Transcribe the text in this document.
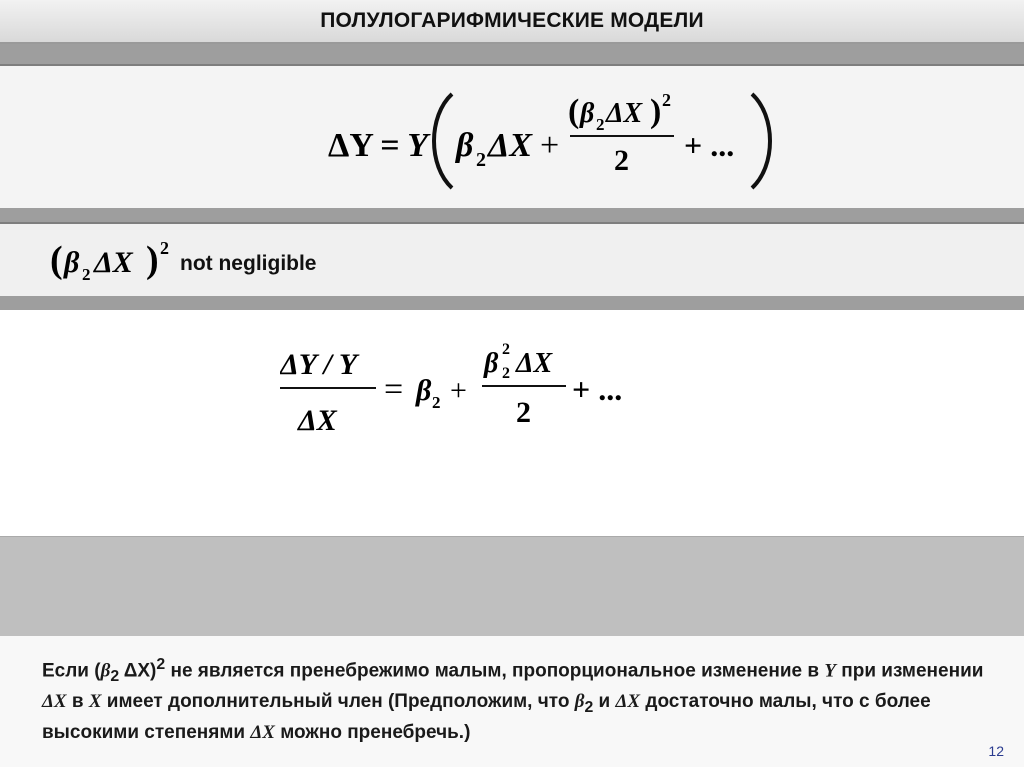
ПОЛУЛОГАРИФМИЧЕСКИЕ МОДЕЛИ
ΔY = Y β 2 ΔX +
( β 2 ΔX ) 2
2 + ...
( β 2 ΔX ) 2
not negligible
ΔY / Y
ΔX
= β 2 +
β 2
2 ΔX
2
+ ...

Если ($\beta_2$ ΔX)$^2$ не является пренебрежимо малым, пропорциональное изменение в Y при изменении ΔX в X имеет дополнительный член (Предположим, что $\beta_2$ и ΔX достаточно малы, что с более высокими степенями ΔX можно пренебречь.)

12
